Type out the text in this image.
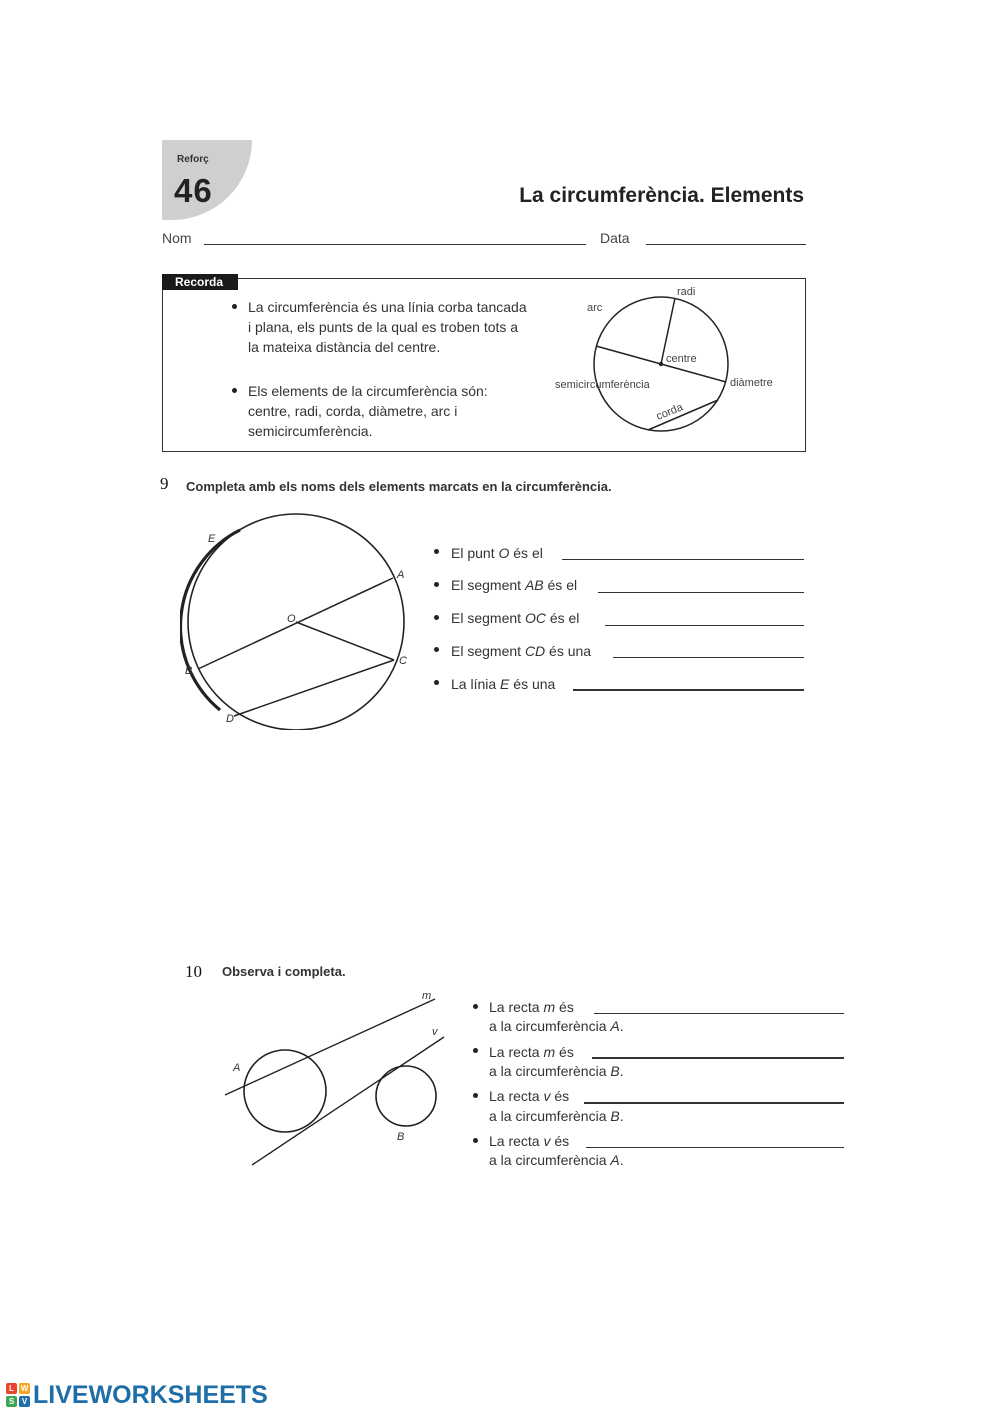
Reforç
46	La circumferència. Elements
Nom	Data
Recorda
La circumferència és una línia corba tancada i plana, els punts de la qual es troben tots a la mateixa distància del centre.
Els elements de la circumferència són: centre, radi, corda, diàmetre, arc i semicircumferència.
arc
radi
centre
semicircumferència	diàmetre
corda
9 Completa amb els noms dels elements marcats en la circumferència.
E
A
O
B
C
D
El punt O és el
El segment AB és el
El segment OC és el
El segment CD és una
La línia E és una
10 Observa i completa.
m
v
A
B
La recta m és
a la circumferència A.
La recta m és
a la circumferència B.
La recta v és
a la circumferència B.
La recta v és
a la circumferència A.
L W
S V LIVEWORKSHEETS
